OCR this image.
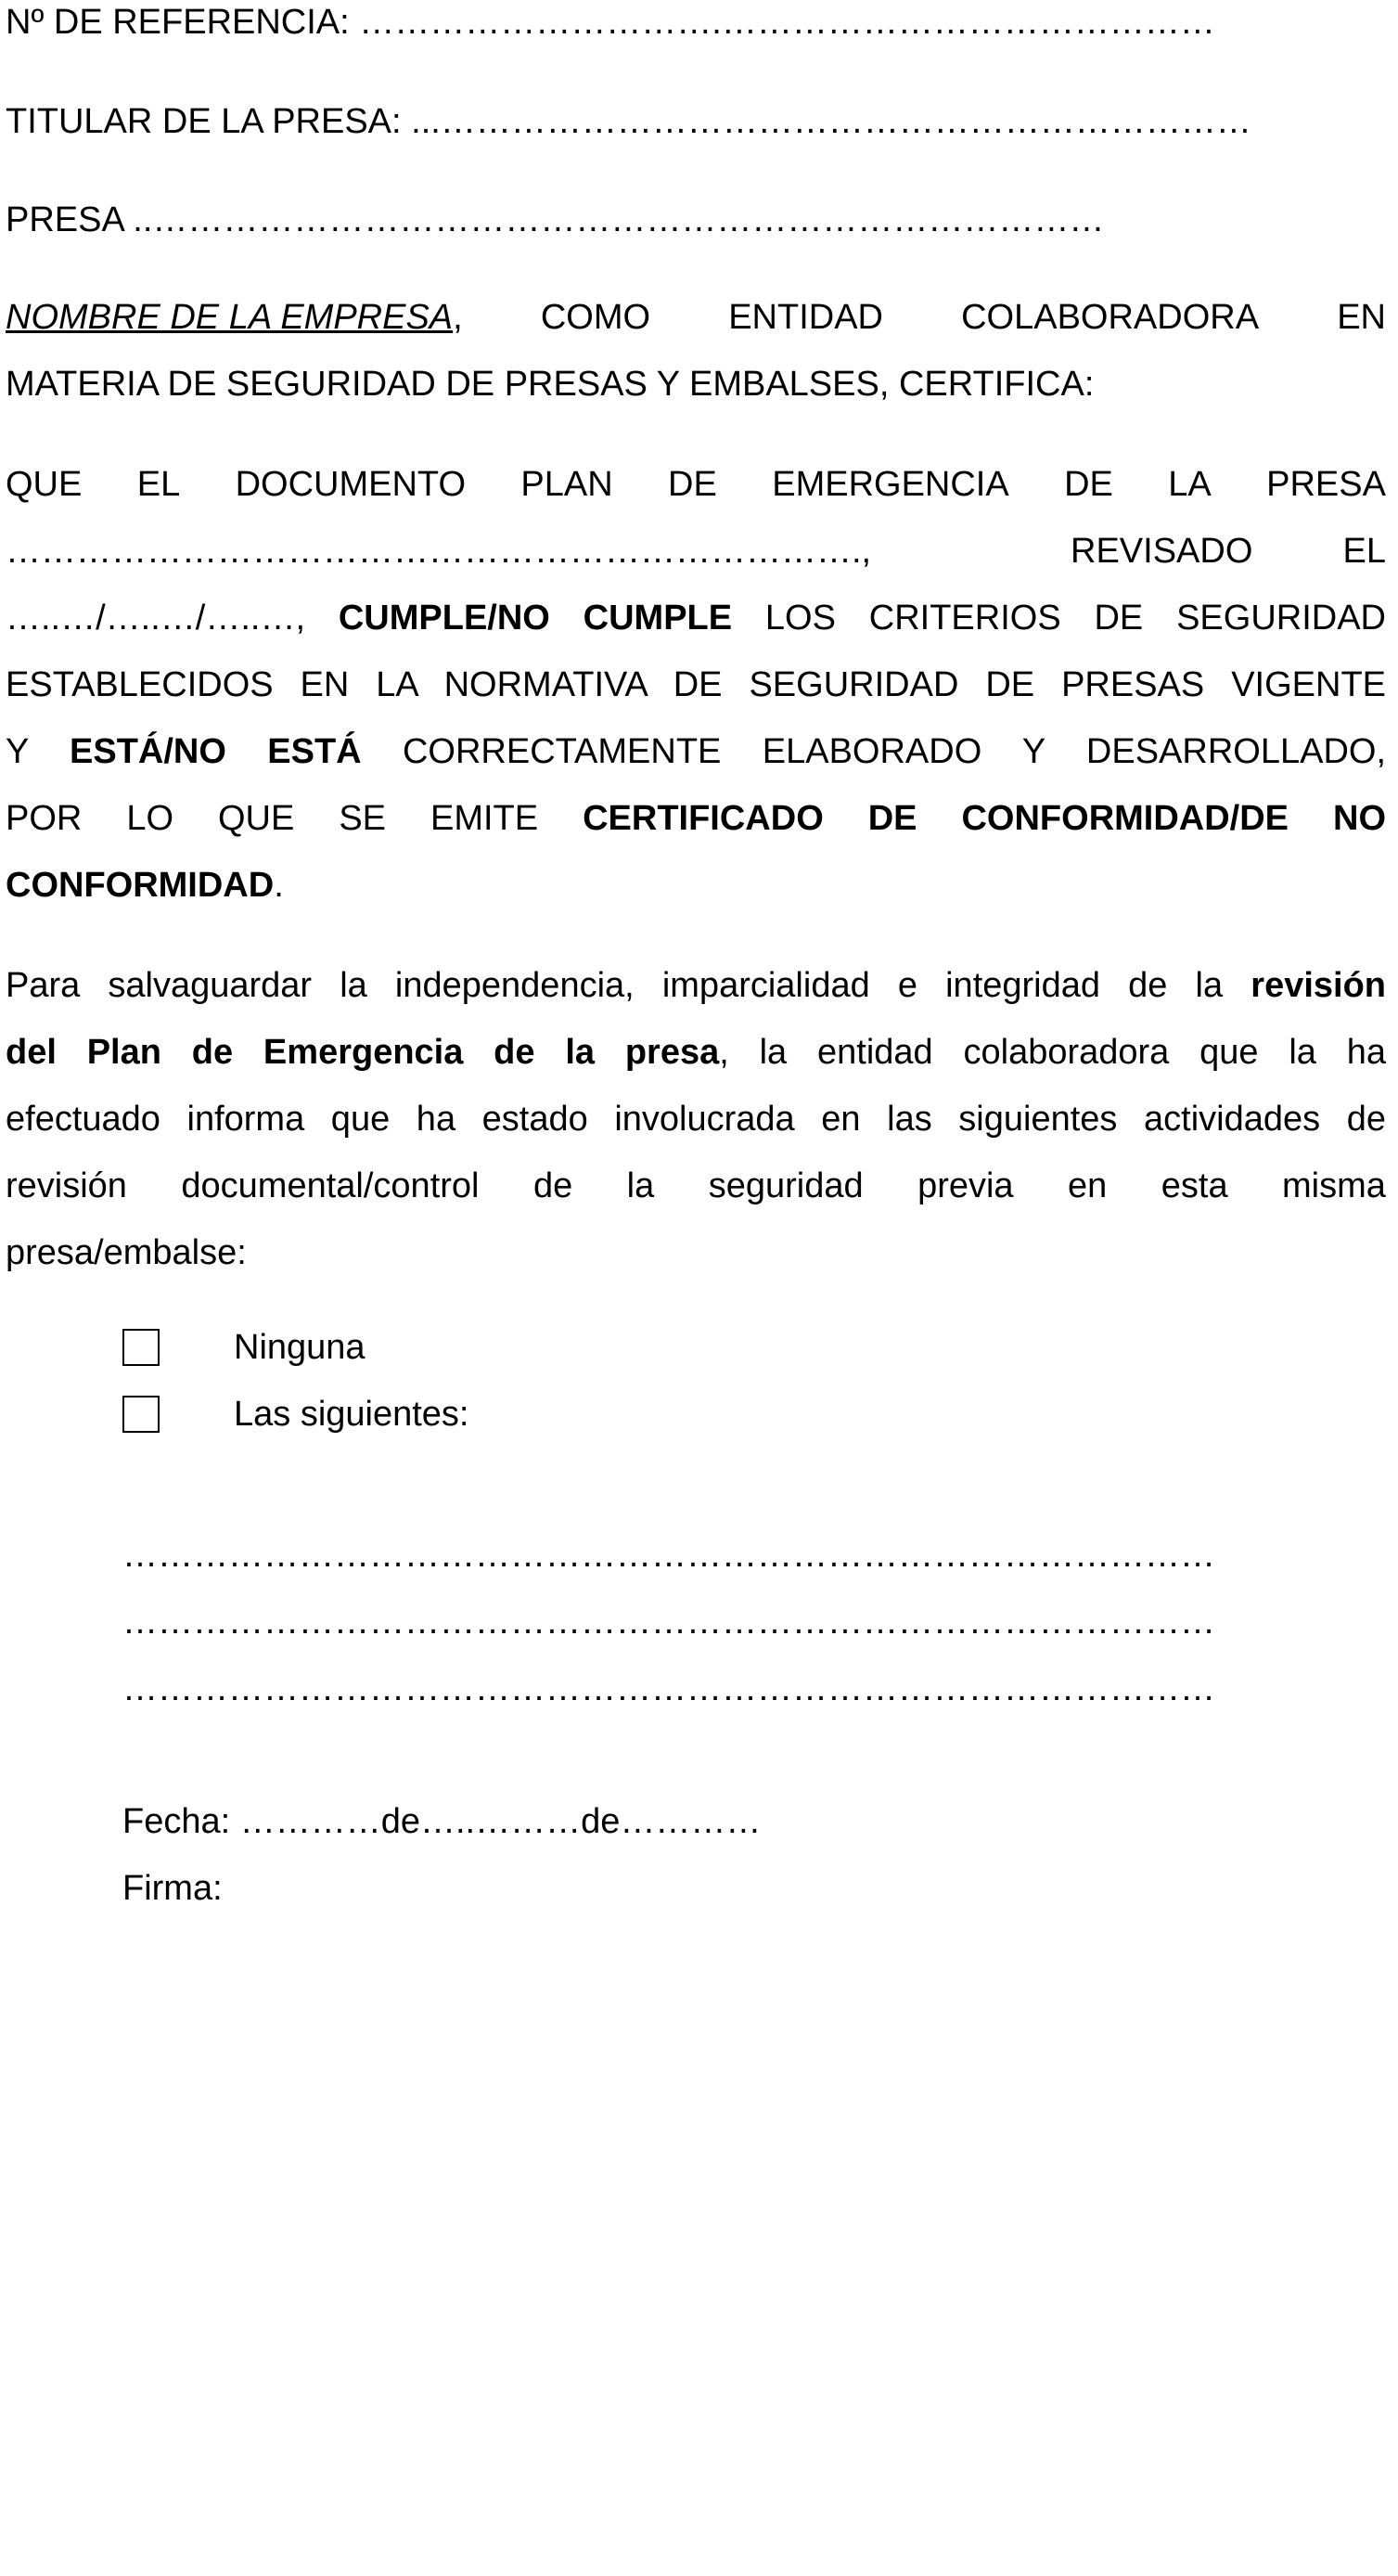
Nº DE REFERENCIA: ………………………….……………………………………
TITULAR DE LA PRESA: ...……………………………………………………………
PRESA ..………………………………………………………………………
NOMBRE DE LA EMPRESA, COMO ENTIDAD COLABORADORA EN
MATERIA DE SEGURIDAD DE PRESAS Y EMBALSES, CERTIFICA:
QUE EL DOCUMENTO PLAN DE EMERGENCIA DE LA PRESA
……………………………………………………………….,	REVISADO	EL
…..…/…..…/…..…, CUMPLE/NO CUMPLE LOS CRITERIOS DE SEGURIDAD
ESTABLECIDOS EN LA NORMATIVA DE SEGURIDAD DE PRESAS VIGENTE
Y ESTÁ/NO ESTÁ CORRECTAMENTE ELABORADO Y DESARROLLADO,
POR LO QUE SE EMITE CERTIFICADO DE CONFORMIDAD/DE NO
CONFORMIDAD.
Para salvaguardar la independencia, imparcialidad e integridad de la revisión
del Plan de Emergencia de la presa, la entidad colaboradora que la ha
efectuado informa que ha estado involucrada en las siguientes actividades de
revisión documental/control de la seguridad previa en esta misma
presa/embalse:
Ninguna
Las siguientes:
…………………………………………………………………………………
…………………………………………………………………………………
…………………………………………………………………………………
Fecha: …………de…..………de…………
Firma:
